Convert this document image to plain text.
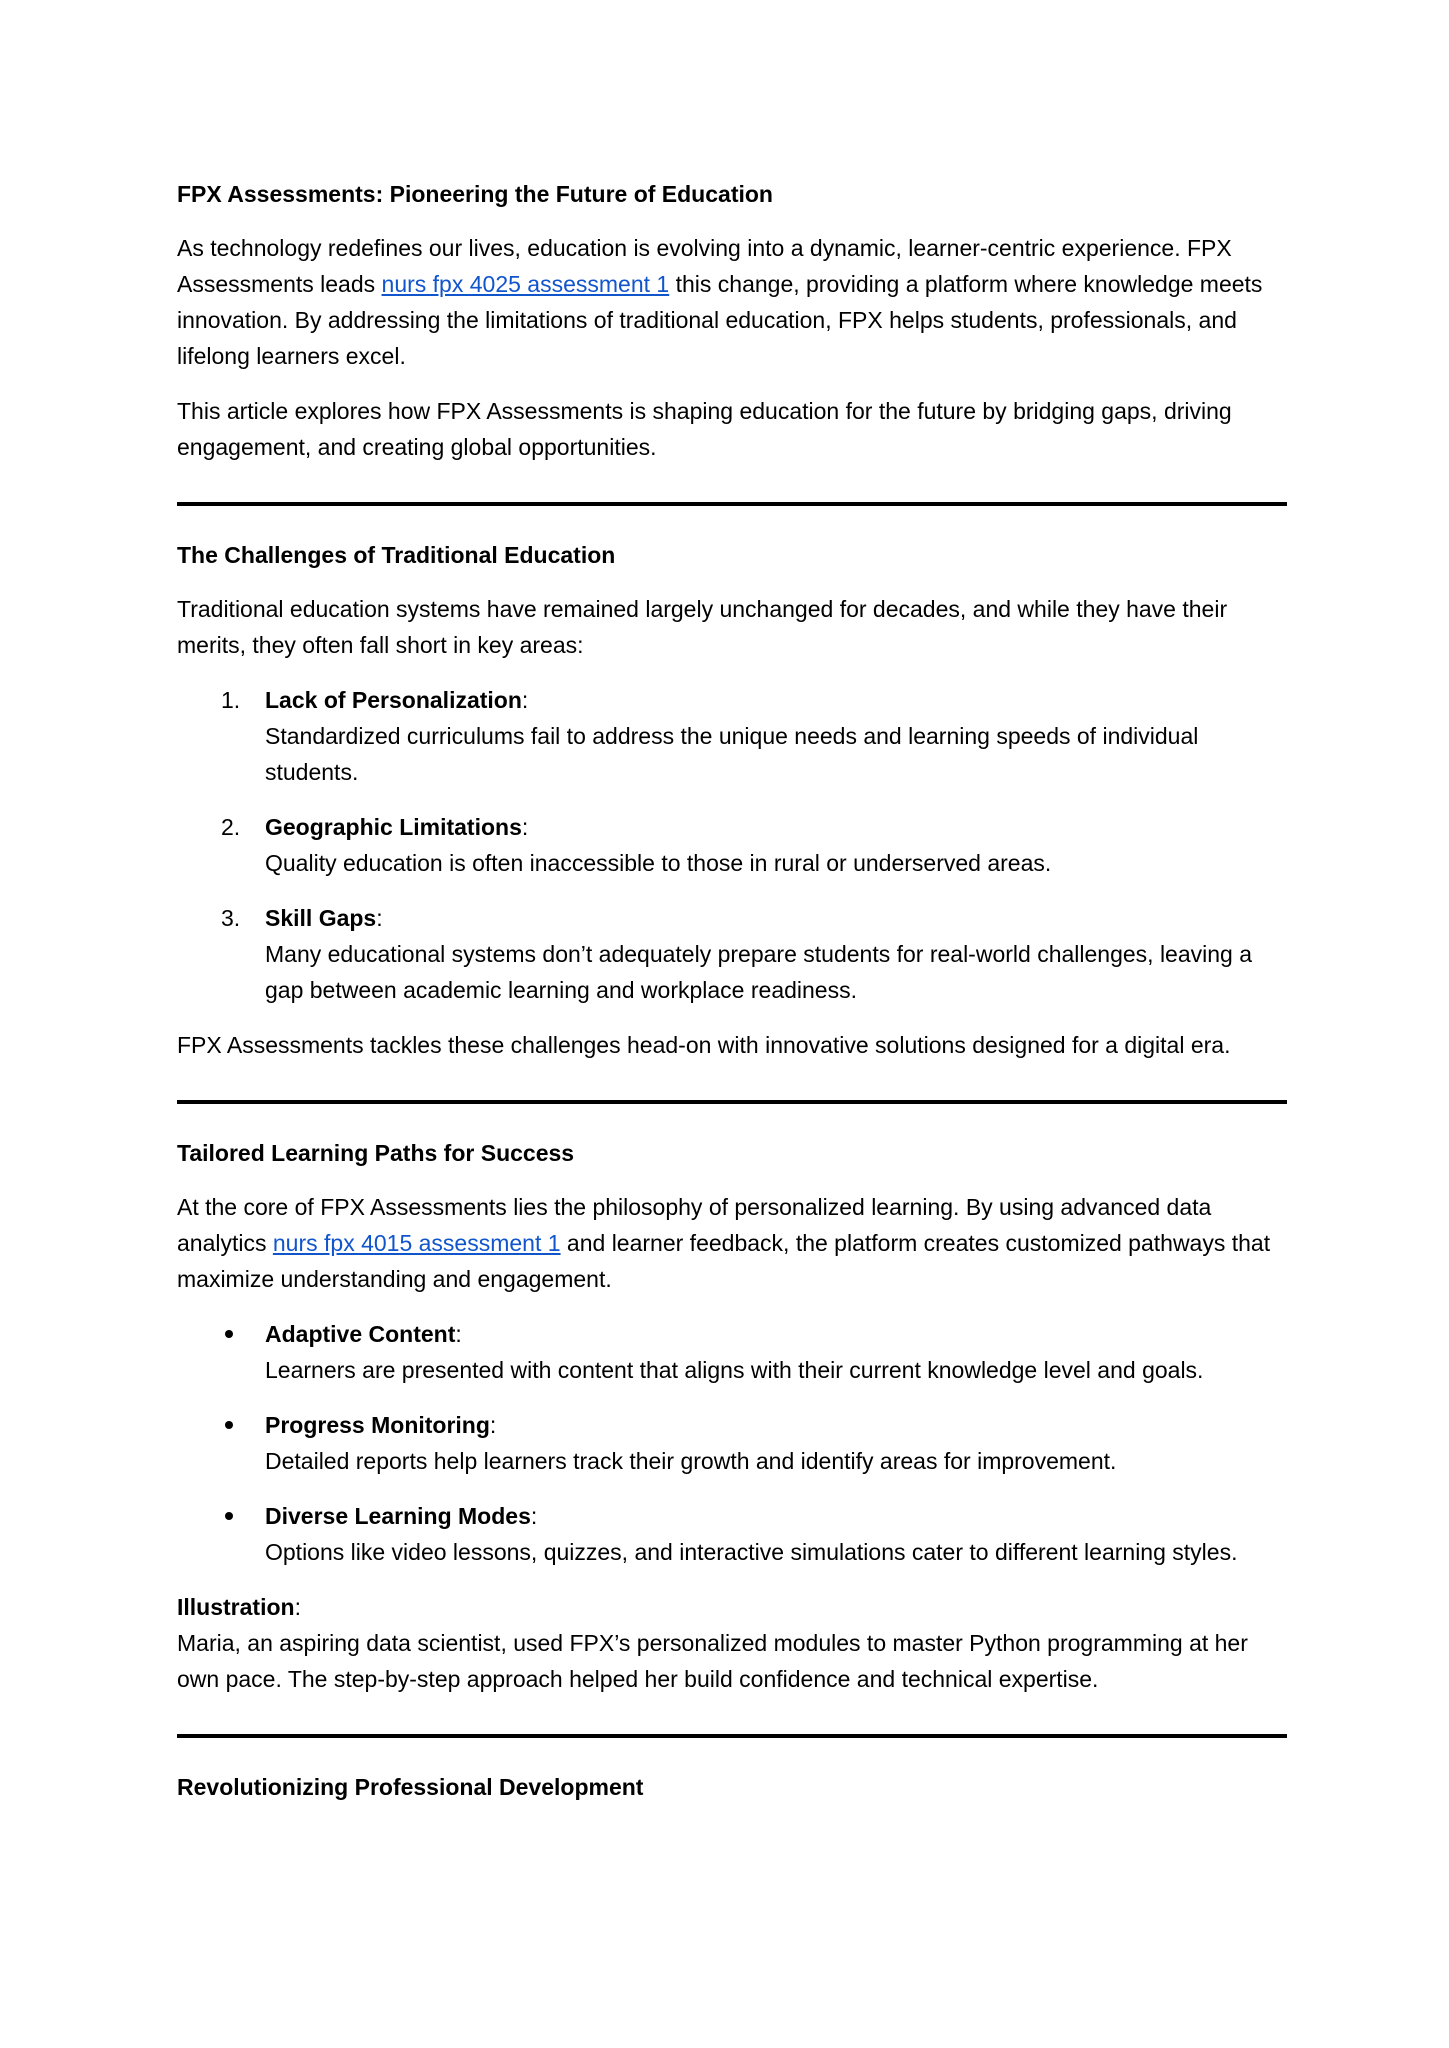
FPX Assessments: Pioneering the Future of Education

As technology redefines our lives, education is evolving into a dynamic, learner-centric experience. FPX Assessments leads nurs fpx 4025 assessment 1 this change, providing a platform where knowledge meets innovation. By addressing the limitations of traditional education, FPX helps students, professionals, and lifelong learners excel.

This article explores how FPX Assessments is shaping education for the future by bridging gaps, driving engagement, and creating global opportunities.

The Challenges of Traditional Education

Traditional education systems have remained largely unchanged for decades, and while they have their merits, they often fall short in key areas:

1. Lack of Personalization:
Standardized curriculums fail to address the unique needs and learning speeds of individual students.
2. Geographic Limitations:
Quality education is often inaccessible to those in rural or underserved areas.
3. Skill Gaps:
Many educational systems don’t adequately prepare students for real-world challenges, leaving a gap between academic learning and workplace readiness.

FPX Assessments tackles these challenges head-on with innovative solutions designed for a digital era.

Tailored Learning Paths for Success

At the core of FPX Assessments lies the philosophy of personalized learning. By using advanced data analytics nurs fpx 4015 assessment 1 and learner feedback, the platform creates customized pathways that maximize understanding and engagement.

Adaptive Content:
Learners are presented with content that aligns with their current knowledge level and goals.
Progress Monitoring:
Detailed reports help learners track their growth and identify areas for improvement.
Diverse Learning Modes:
Options like video lessons, quizzes, and interactive simulations cater to different learning styles.

Illustration:
Maria, an aspiring data scientist, used FPX’s personalized modules to master Python programming at her own pace. The step-by-step approach helped her build confidence and technical expertise.

Revolutionizing Professional Development
